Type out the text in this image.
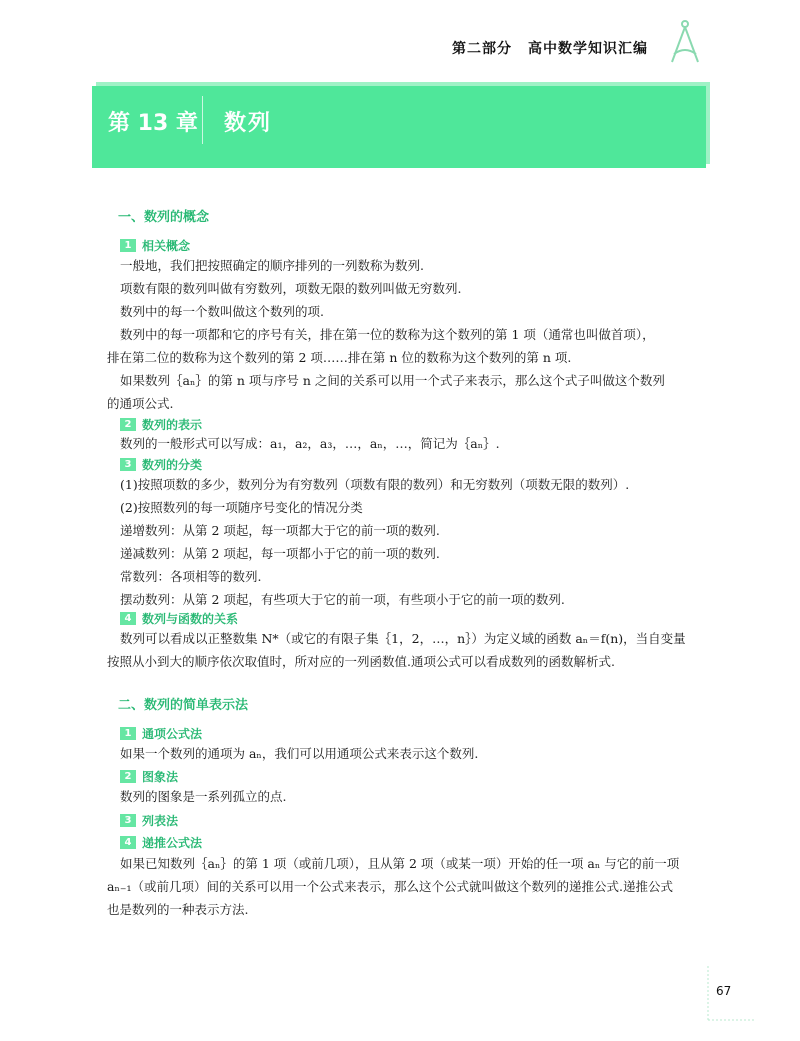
第二部分 高中数学知识汇编
第 13 章 数列
一、数列的概念
1 相关概念
一般地，我们把按照确定的顺序排列的一列数称为数列.
项数有限的数列叫做有穷数列，项数无限的数列叫做无穷数列.
数列中的每一个数叫做这个数列的项.
数列中的每一项都和它的序号有关，排在第一位的数称为这个数列的第 1 项（通常也叫做首项），
排在第二位的数称为这个数列的第 2 项……排在第 n 位的数称为这个数列的第 n 项.
如果数列｛aₙ｝的第 n 项与序号 n 之间的关系可以用一个式子来表示，那么这个式子叫做这个数列
的通项公式.
2 数列的表示
数列的一般形式可以写成：a₁，a₂，a₃，…，aₙ，…，简记为｛aₙ｝.
3 数列的分类
(1)按照项数的多少，数列分为有穷数列（项数有限的数列）和无穷数列（项数无限的数列）.
(2)按照数列的每一项随序号变化的情况分类
递增数列：从第 2 项起，每一项都大于它的前一项的数列.
递减数列：从第 2 项起，每一项都小于它的前一项的数列.
常数列：各项相等的数列.
摆动数列：从第 2 项起，有些项大于它的前一项，有些项小于它的前一项的数列.
4 数列与函数的关系
数列可以看成以正整数集 N*（或它的有限子集｛1，2，…，n｝）为定义域的函数 aₙ＝f(n)，当自变量
按照从小到大的顺序依次取值时，所对应的一列函数值.通项公式可以看成数列的函数解析式.
二、数列的简单表示法
1 通项公式法
如果一个数列的通项为 aₙ，我们可以用通项公式来表示这个数列.
2 图象法
数列的图象是一系列孤立的点.
3 列表法
4 递推公式法
如果已知数列｛aₙ｝的第 1 项（或前几项），且从第 2 项（或某一项）开始的任一项 aₙ 与它的前一项
aₙ₋₁（或前几项）间的关系可以用一个公式来表示，那么这个公式就叫做这个数列的递推公式.递推公式
也是数列的一种表示方法.
67
